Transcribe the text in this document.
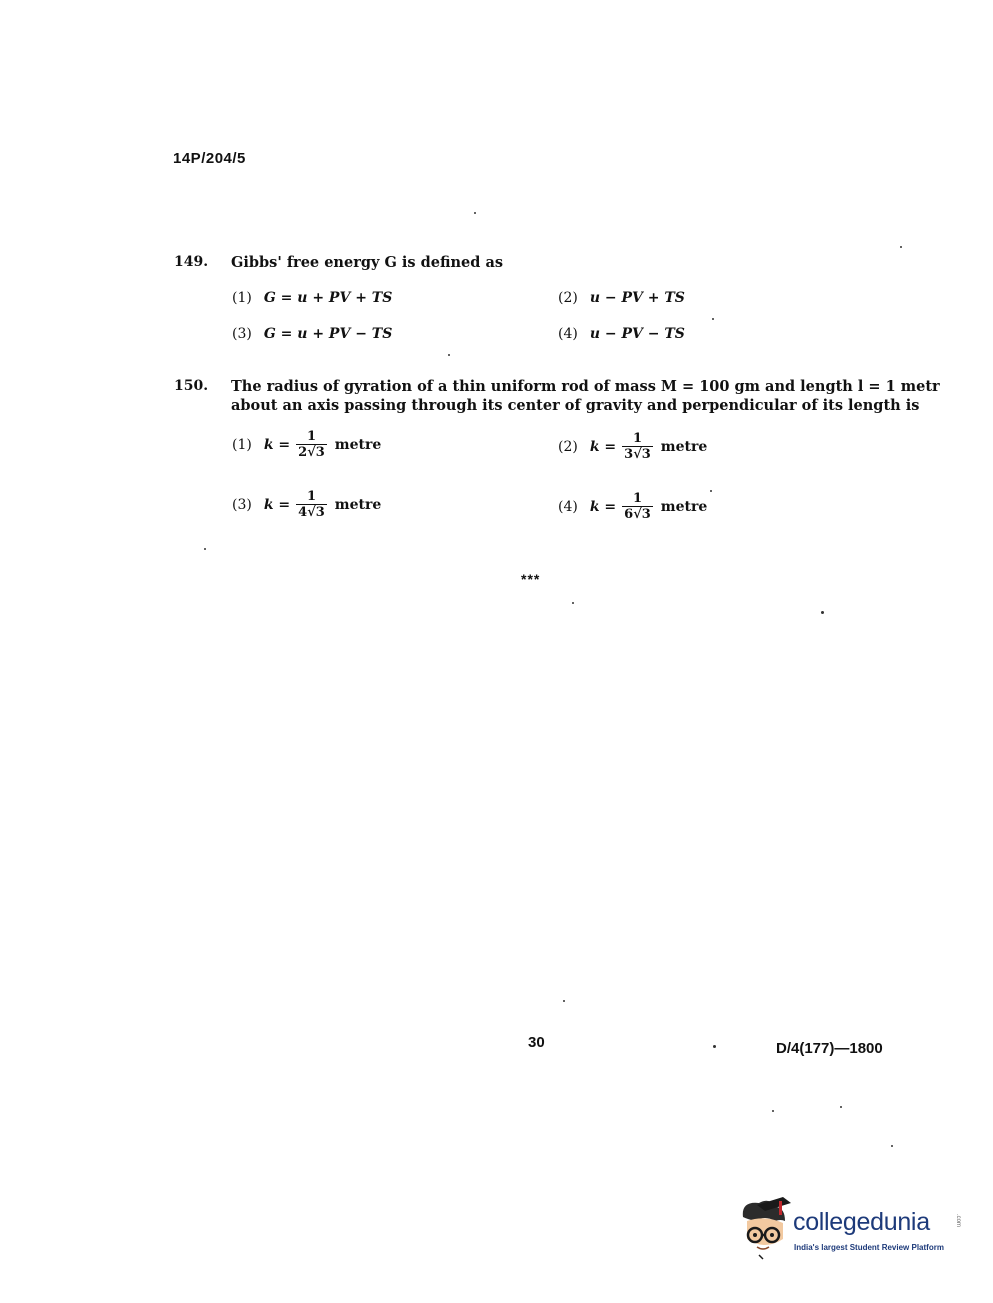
14P/204/5
149. Gibbs' free energy G is defined as
(1) G = u + PV + TS	(2) u − PV + TS
(3) G = u + PV − TS	(4) u − PV − TS
150. The radius of gyration of a thin uniform rod of mass M = 100 gm and length l = 1 metr
about an axis passing through its center of gravity and perpendicular of its length is
(1) $k = \frac{1}{2√3}$ metre	(2) $k = \frac{1}{3√3}$ metre
(3) $k = \frac{1}{4√3}$ metre	(4) $k = \frac{1}{6√3}$ metre
***
30	D/4(177)—1800
collegedunia	.com
India's largest Student Review Platform
